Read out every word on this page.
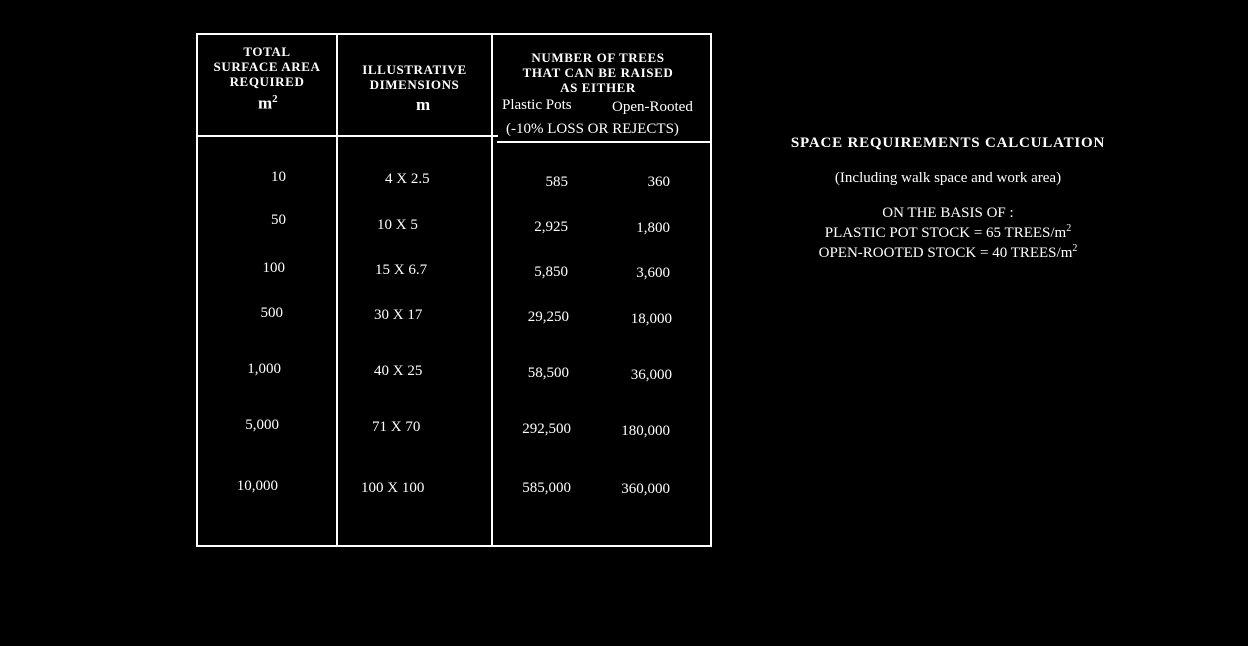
TOTAL
SURFACE AREA
REQUIRED
$m^2$
ILLUSTRATIVE
DIMENSIONS
m
NUMBER OF TREES
THAT CAN BE RAISED
AS EITHER
Plastic Pots	Open-Rooted
(-10% LOSS OR REJECTS)
10	4 X 2.5	585	360
50	10 X 5	2,925	1,800
100	15 X 6.7	5,850	3,600
500	30 X 17	29,250	18,000
1,000	40 X 25	58,500	36,000
5,000	71 X 70	292,500	180,000
10,000	100 X 100	585,000	360,000
SPACE REQUIREMENTS CALCULATION
(Including walk space and work area)
ON THE BASIS OF :
PLASTIC POT STOCK = 65 TREES/$m^2$
OPEN-ROOTED STOCK = 40 TREES/$m^2$
